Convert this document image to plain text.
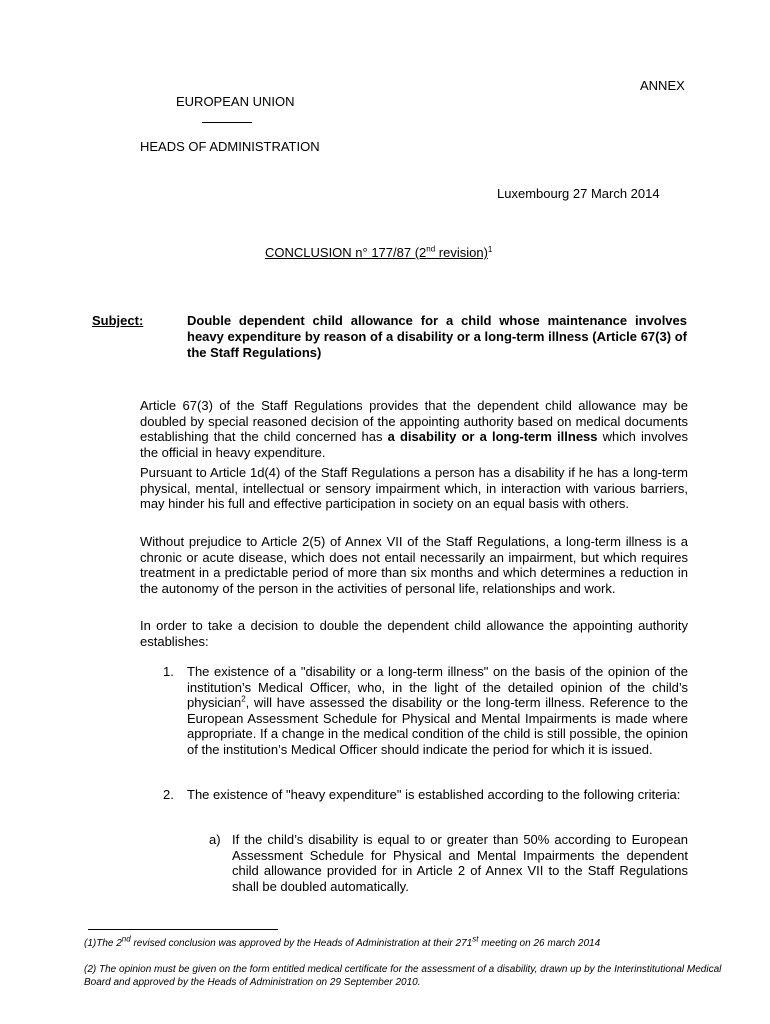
ANNEX
EUROPEAN UNION
HEADS OF ADMINISTRATION
Luxembourg 27 March 2014
CONCLUSION n° 177/87 (2nd revision)$^1$
Subject:	Double dependent child allowance for a child whose maintenance involves heavy expenditure by reason of a disability or a long-term illness (Article 67(3) of the Staff Regulations)
Article 67(3) of the Staff Regulations provides that the dependent child allowance may be doubled by special reasoned decision of the appointing authority based on medical documents establishing that the child concerned has a disability or a long-term illness which involves the official in heavy expenditure.
Pursuant to Article 1d(4) of the Staff Regulations a person has a disability if he has a long-term physical, mental, intellectual or sensory impairment which, in interaction with various barriers, may hinder his full and effective participation in society on an equal basis with others.
Without prejudice to Article 2(5) of Annex VII of the Staff Regulations, a long-term illness is a chronic or acute disease, which does not entail necessarily an impairment, but which requires treatment in a predictable period of more than six months and which determines a reduction in the autonomy of the person in the activities of personal life, relationships and work.
In order to take a decision to double the dependent child allowance the appointing authority establishes:
1. The existence of a "disability or a long-term illness" on the basis of the opinion of the institution’s Medical Officer, who, in the light of the detailed opinion of the child’s physician$^2$, will have assessed the disability or the long-term illness. Reference to the European Assessment Schedule for Physical and Mental Impairments is made where appropriate. If a change in the medical condition of the child is still possible, the opinion of the institution’s Medical Officer should indicate the period for which it is issued.
2. The existence of "heavy expenditure" is established according to the following criteria:
a) If the child’s disability is equal to or greater than 50% according to European Assessment Schedule for Physical and Mental Impairments the dependent child allowance provided for in Article 2 of Annex VII to the Staff Regulations shall be doubled automatically.
(1)The 2nd revised conclusion was approved by the Heads of Administration at their 271st meeting on 26 march 2014
(2) The opinion must be given on the form entitled medical certificate for the assessment of a disability, drawn up by the Interinstitutional Medical Board and approved by the Heads of Administration on 29 September 2010.
